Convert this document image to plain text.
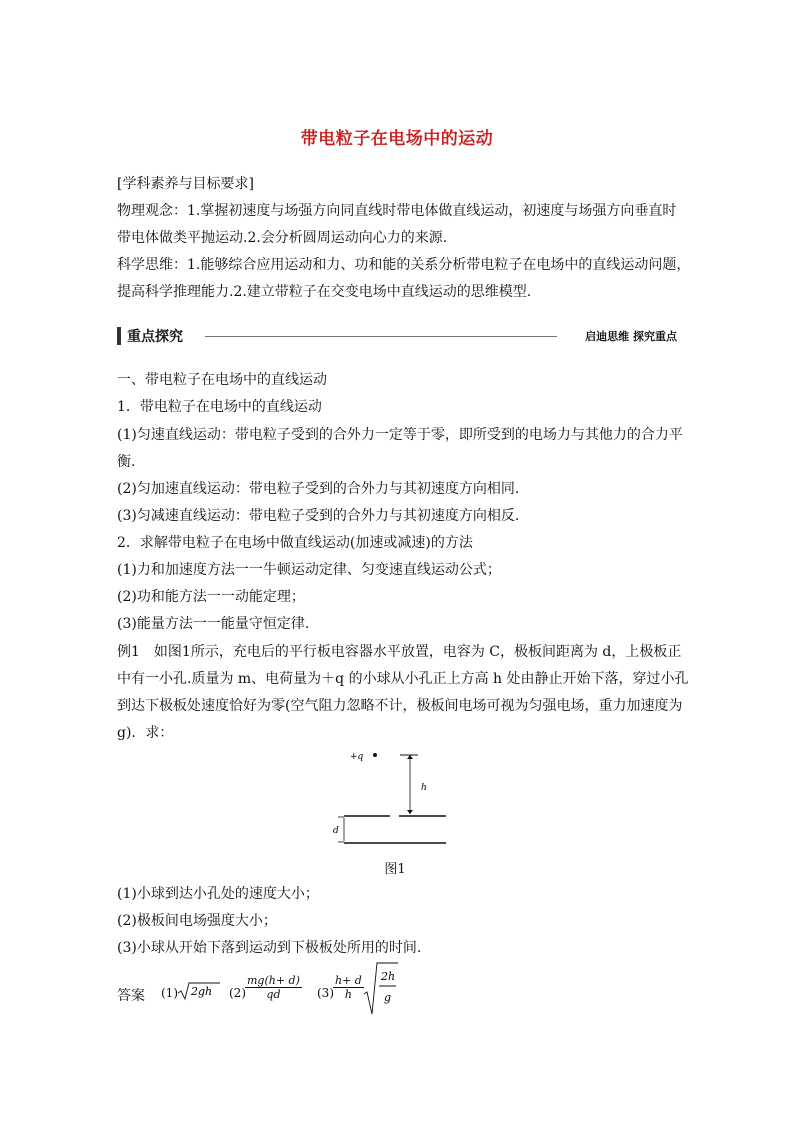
带电粒子在电场中的运动
[学科素养与目标要求]
物理观念：1.掌握初速度与场强方向同直线时带电体做直线运动，初速度与场强方向垂直时
带电体做类平抛运动.2.会分析圆周运动向心力的来源.
科学思维：1.能够综合应用运动和力、功和能的关系分析带电粒子在电场中的直线运动问题，
提高科学推理能力.2.建立带粒子在交变电场中直线运动的思维模型.
重点探究	启迪思维 探究重点
一、带电粒子在电场中的直线运动
1．带电粒子在电场中的直线运动
(1)匀速直线运动：带电粒子受到的合外力一定等于零，即所受到的电场力与其他力的合力平
衡.
(2)匀加速直线运动：带电粒子受到的合外力与其初速度方向相同.
(3)匀减速直线运动：带电粒子受到的合外力与其初速度方向相反.
2．求解带电粒子在电场中做直线运动(加速或减速)的方法
(1)力和加速度方法一一牛顿运动定律、匀变速直线运动公式；
(2)功和能方法一一动能定理；
(3)能量方法一一能量守恒定律.
例1　如图1所示，充电后的平行板电容器水平放置，电容为 C，极板间距离为 d，上极板正
中有一小孔.质量为 m、电荷量为＋q 的小球从小孔正上方高 h 处由静止开始下落，穿过小孔
到达下极板处速度恰好为零(空气阻力忽略不计，极板间电场可视为匀强电场，重力加速度为
g)．求：
+q
h
d
图1
(1)小球到达小孔处的速度大小；
(2)极板间电场强度大小；
(3)小球从开始下落到运动到下极板处所用的时间.
答案 (1) 2gh $(2) \frac{mg(h+ d)}{qd} (3) \frac{h+ d}{h} 2h$
g
